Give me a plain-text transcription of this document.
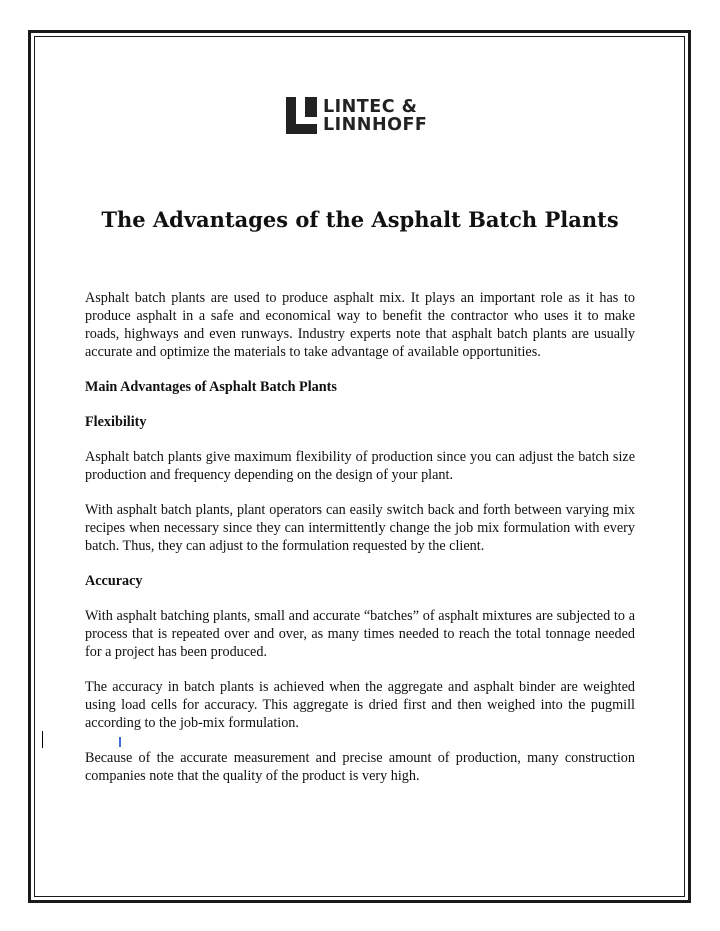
LINTEC &
LINNHOFF
The Advantages of the Asphalt Batch Plants

Asphalt batch plants are used to produce asphalt mix. It plays an important role as it has to produce asphalt in a safe and economical way to benefit the contractor who uses it to make roads, highways and even runways. Industry experts note that asphalt batch plants are usually accurate and optimize the materials to take advantage of available opportunities.

Main Advantages of Asphalt Batch Plants

Flexibility

Asphalt batch plants give maximum flexibility of production since you can adjust the batch size production and frequency depending on the design of your plant.

With asphalt batch plants, plant operators can easily switch back and forth between varying mix recipes when necessary since they can intermittently change the job mix formulation with every batch. Thus, they can adjust to the formulation requested by the client.

Accuracy

With asphalt batching plants, small and accurate “batches” of asphalt mixtures are subjected to a process that is repeated over and over, as many times needed to reach the total tonnage needed for a project has been produced.

The accuracy in batch plants is achieved when the aggregate and asphalt binder are weighted using load cells for accuracy. This aggregate is dried first and then weighed into the pugmill according to the job-mix formulation.

Because of the accurate measurement and precise amount of production, many construction companies note that the quality of the product is very high.
